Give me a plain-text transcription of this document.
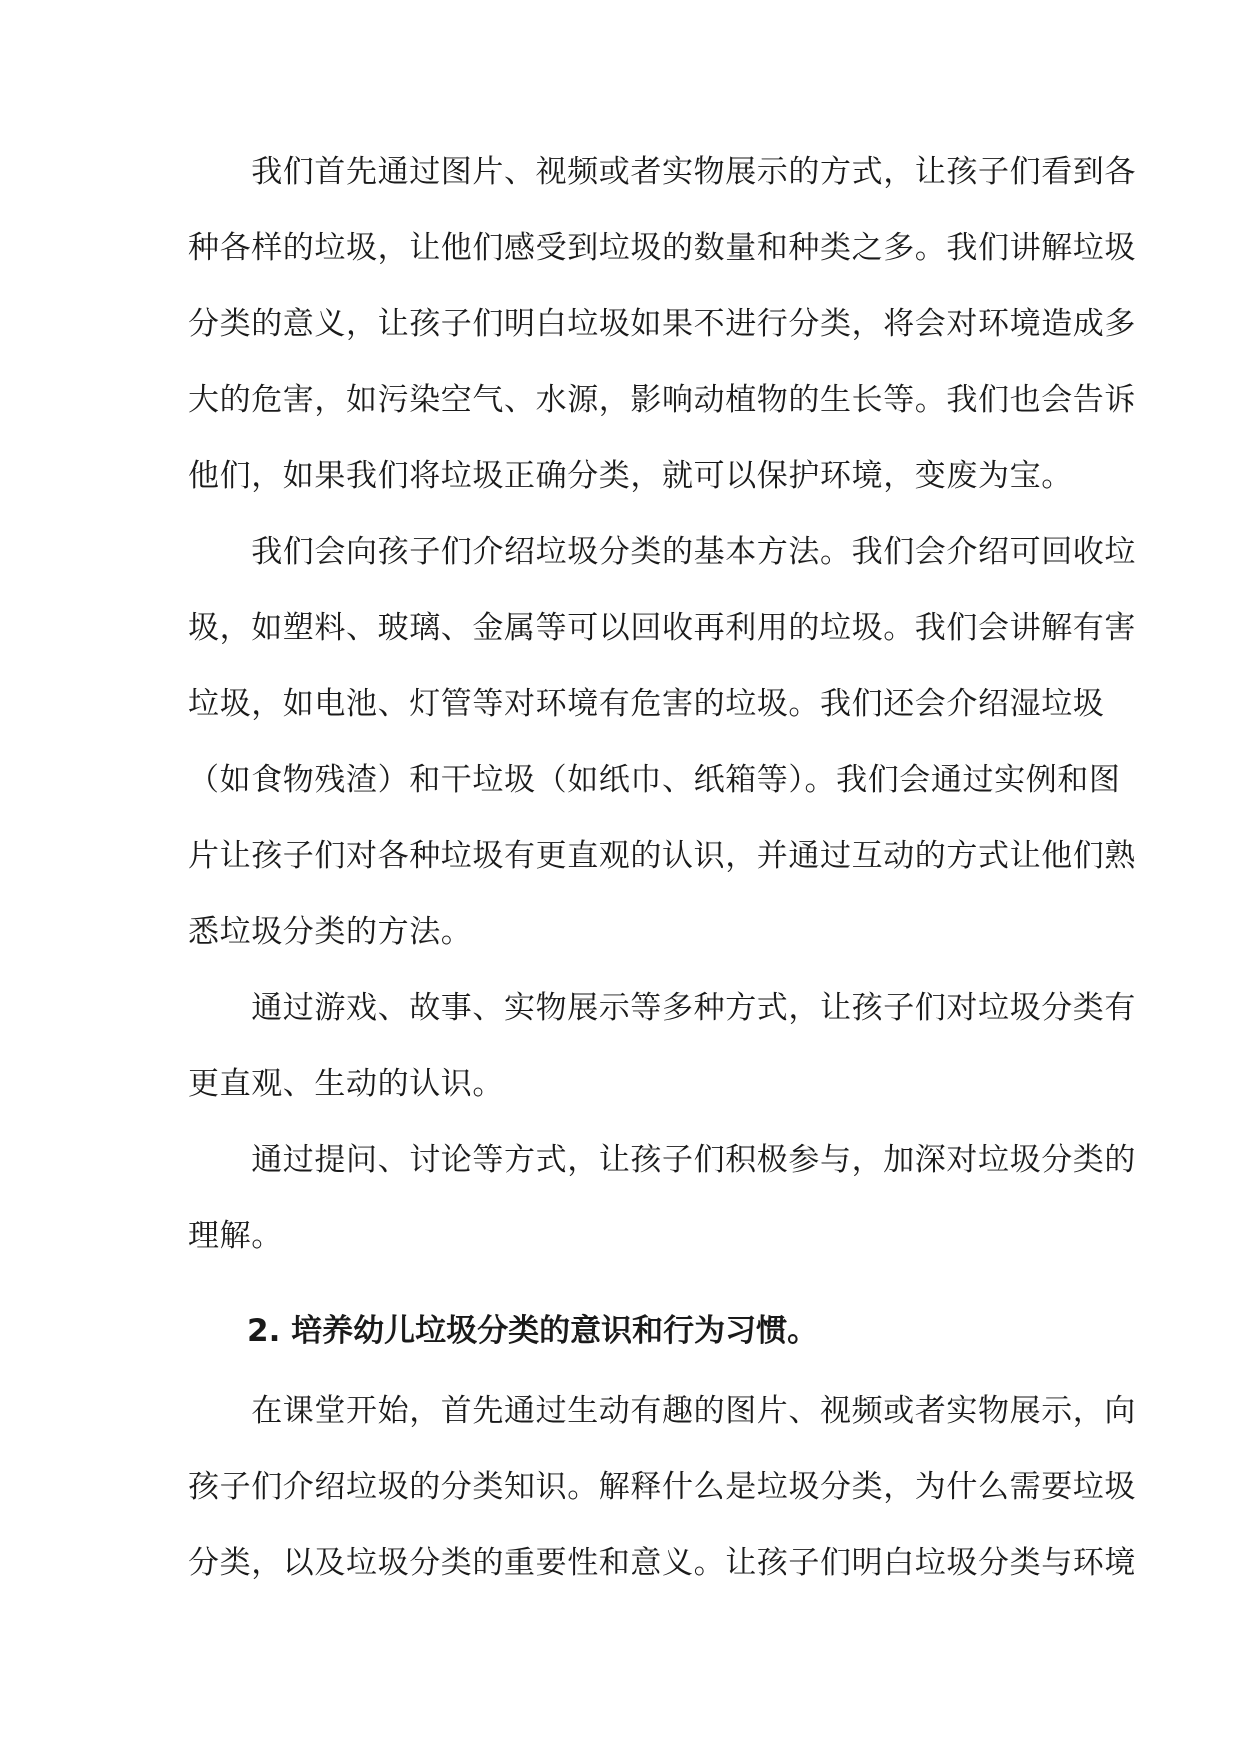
　　我们首先通过图片、视频或者实物展示的方式，让孩子们看到各
种各样的垃圾，让他们感受到垃圾的数量和种类之多。我们讲解垃圾
分类的意义，让孩子们明白垃圾如果不进行分类，将会对环境造成多
大的危害，如污染空气、水源，影响动植物的生长等。我们也会告诉
他们，如果我们将垃圾正确分类，就可以保护环境，变废为宝。
　　我们会向孩子们介绍垃圾分类的基本方法。我们会介绍可回收垃
圾，如塑料、玻璃、金属等可以回收再利用的垃圾。我们会讲解有害
垃圾，如电池、灯管等对环境有危害的垃圾。我们还会介绍湿垃圾
（如食物残渣）和干垃圾（如纸巾、纸箱等）。我们会通过实例和图
片让孩子们对各种垃圾有更直观的认识，并通过互动的方式让他们熟
悉垃圾分类的方法。
　　通过游戏、故事、实物展示等多种方式，让孩子们对垃圾分类有
更直观、生动的认识。
　　通过提问、讨论等方式，让孩子们积极参与，加深对垃圾分类的
理解。

2. 培养幼儿垃圾分类的意识和行为习惯。

　　在课堂开始，首先通过生动有趣的图片、视频或者实物展示，向
孩子们介绍垃圾的分类知识。解释什么是垃圾分类，为什么需要垃圾
分类，以及垃圾分类的重要性和意义。让孩子们明白垃圾分类与环境
